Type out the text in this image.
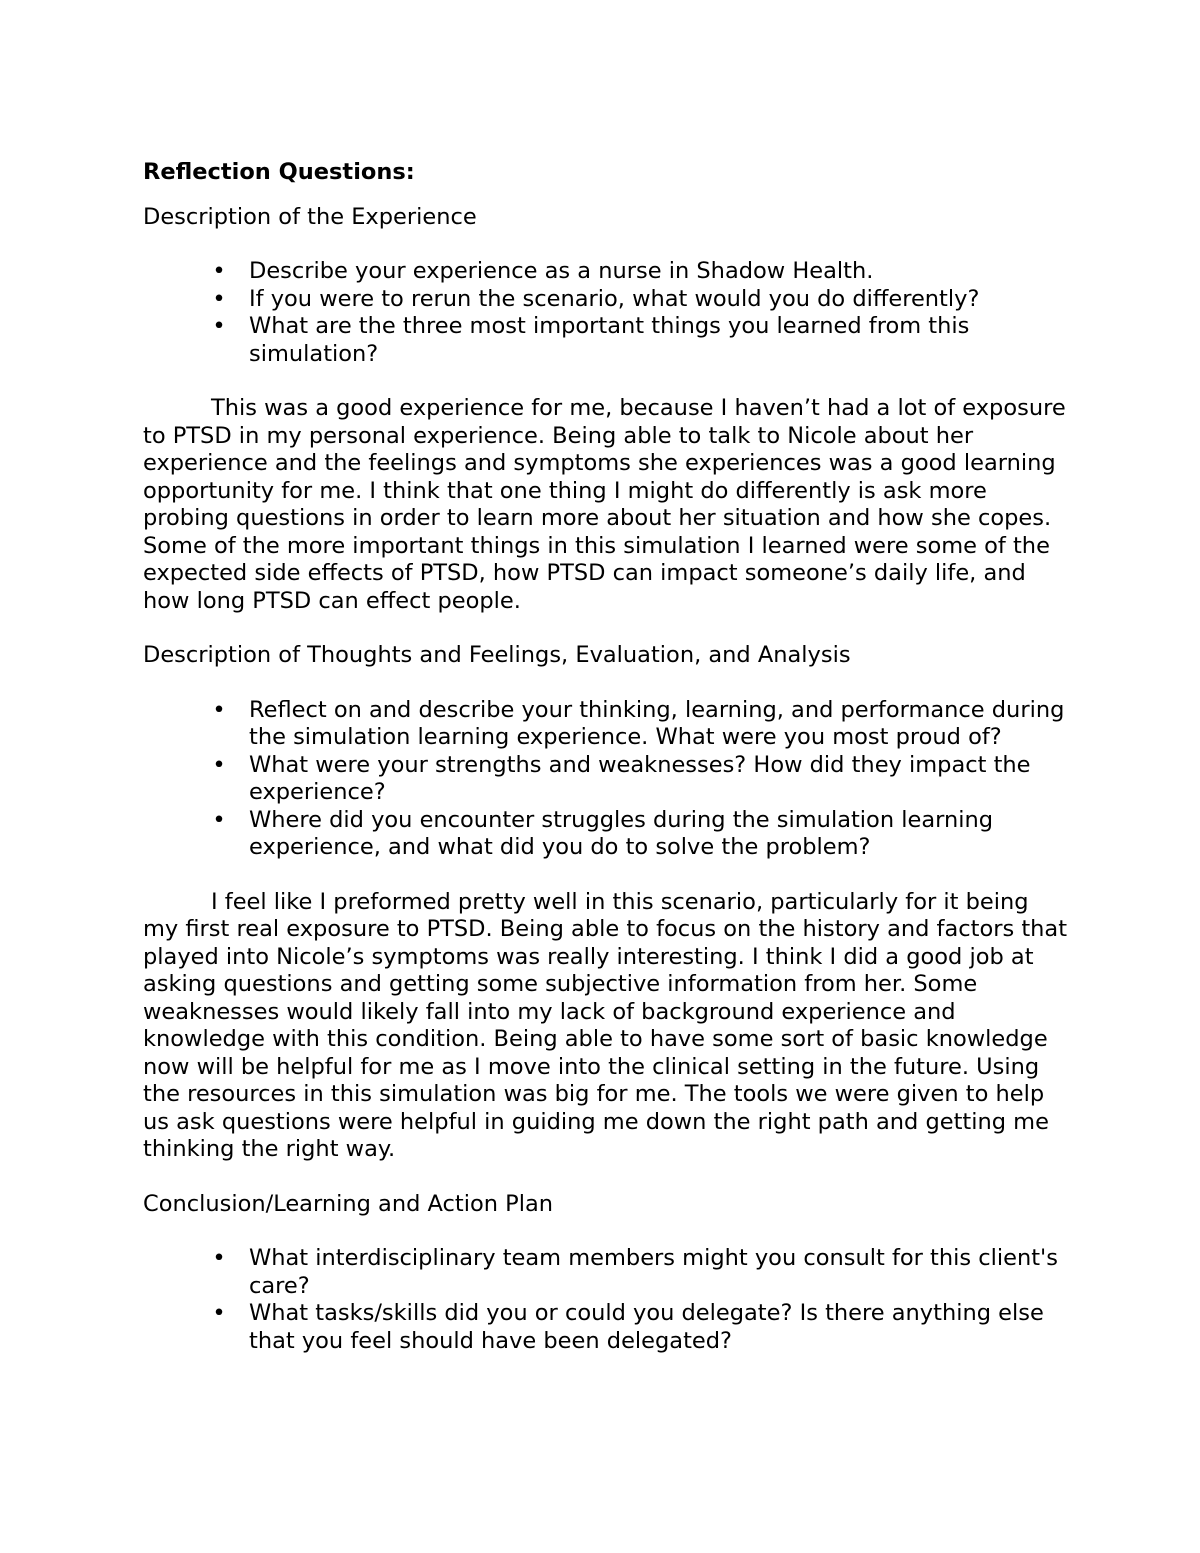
Reflection Questions:
Description of the Experience
• Describe your experience as a nurse in Shadow Health.
• If you were to rerun the scenario, what would you do differently?
• What are the three most important things you learned from this simulation?

This was a good experience for me, because I haven’t had a lot of exposure to PTSD in my personal experience. Being able to talk to Nicole about her experience and the feelings and symptoms she experiences was a good learning opportunity for me. I think that one thing I might do differently is ask more probing questions in order to learn more about her situation and how she copes. Some of the more important things in this simulation I learned were some of the expected side effects of PTSD, how PTSD can impact someone’s daily life, and how long PTSD can effect people.

Description of Thoughts and Feelings, Evaluation, and Analysis
• Reflect on and describe your thinking, learning, and performance during the simulation learning experience. What were you most proud of?
• What were your strengths and weaknesses? How did they impact the experience?
• Where did you encounter struggles during the simulation learning experience, and what did you do to solve the problem?

I feel like I preformed pretty well in this scenario, particularly for it being my first real exposure to PTSD. Being able to focus on the history and factors that played into Nicole’s symptoms was really interesting. I think I did a good job at asking questions and getting some subjective information from her. Some weaknesses would likely fall into my lack of background experience and knowledge with this condition. Being able to have some sort of basic knowledge now will be helpful for me as I move into the clinical setting in the future. Using the resources in this simulation was big for me. The tools we were given to help us ask questions were helpful in guiding me down the right path and getting me thinking the right way.

Conclusion/Learning and Action Plan
• What interdisciplinary team members might you consult for this client's care?
• What tasks/skills did you or could you delegate? Is there anything else that you feel should have been delegated?
